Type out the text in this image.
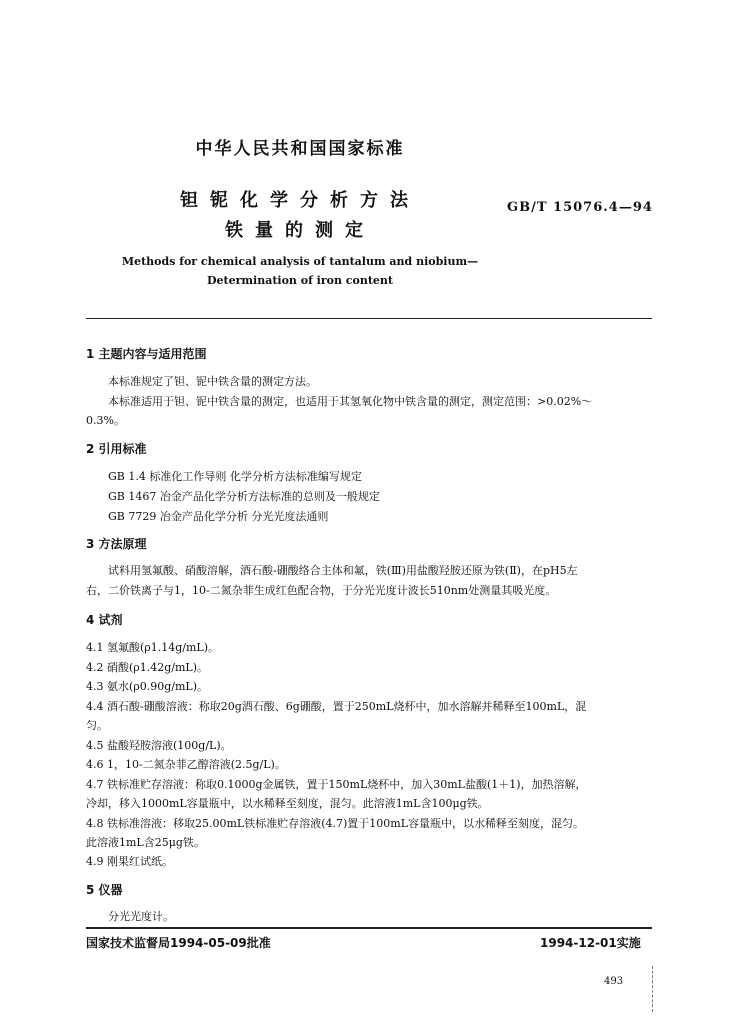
中华人民共和国国家标准
钽铌化学分析方法
铁量的测定
GB/T 15076.4—94
Methods for chemical analysis of tantalum and niobium—
Determination of iron content
1 主题内容与适用范围
本标准规定了钽、铌中铁含量的测定方法。
本标准适用于钽、铌中铁含量的测定，也适用于其氢氧化物中铁含量的测定，测定范围：>0.02%～
0.3%。
2 引用标准
GB 1.4 标准化工作导则 化学分析方法标准编写规定
GB 1467 冶金产品化学分析方法标准的总则及一般规定
GB 7729 冶金产品化学分析 分光光度法通则
3 方法原理
试料用氢氟酸、硝酸溶解，酒石酸-硼酸络合主体和氟，铁(Ⅲ)用盐酸羟胺还原为铁(Ⅱ)，在pH5左
右，二价铁离子与1，10-二氮杂菲生成红色配合物，于分光光度计波长510nm处测量其吸光度。
4 试剂
4.1 氢氟酸(ρ1.14g/mL)。
4.2 硝酸(ρ1.42g/mL)。
4.3 氨水(ρ0.90g/mL)。
4.4 酒石酸-硼酸溶液：称取20g酒石酸、6g硼酸，置于250mL烧杯中，加水溶解并稀释至100mL，混
匀。
4.5 盐酸羟胺溶液(100g/L)。
4.6 1，10-二氮杂菲乙醇溶液(2.5g/L)。
4.7 铁标准贮存溶液：称取0.1000g金属铁，置于150mL烧杯中，加入30mL盐酸(1＋1)，加热溶解，
冷却，移入1000mL容量瓶中，以水稀释至刻度，混匀。此溶液1mL含100μg铁。
4.8 铁标准溶液：移取25.00mL铁标准贮存溶液(4.7)置于100mL容量瓶中，以水稀释至刻度，混匀。
此溶液1mL含25μg铁。
4.9 刚果红试纸。
5 仪器
分光光度计。
国家技术监督局1994-05-09批准	1994-12-01实施
493
